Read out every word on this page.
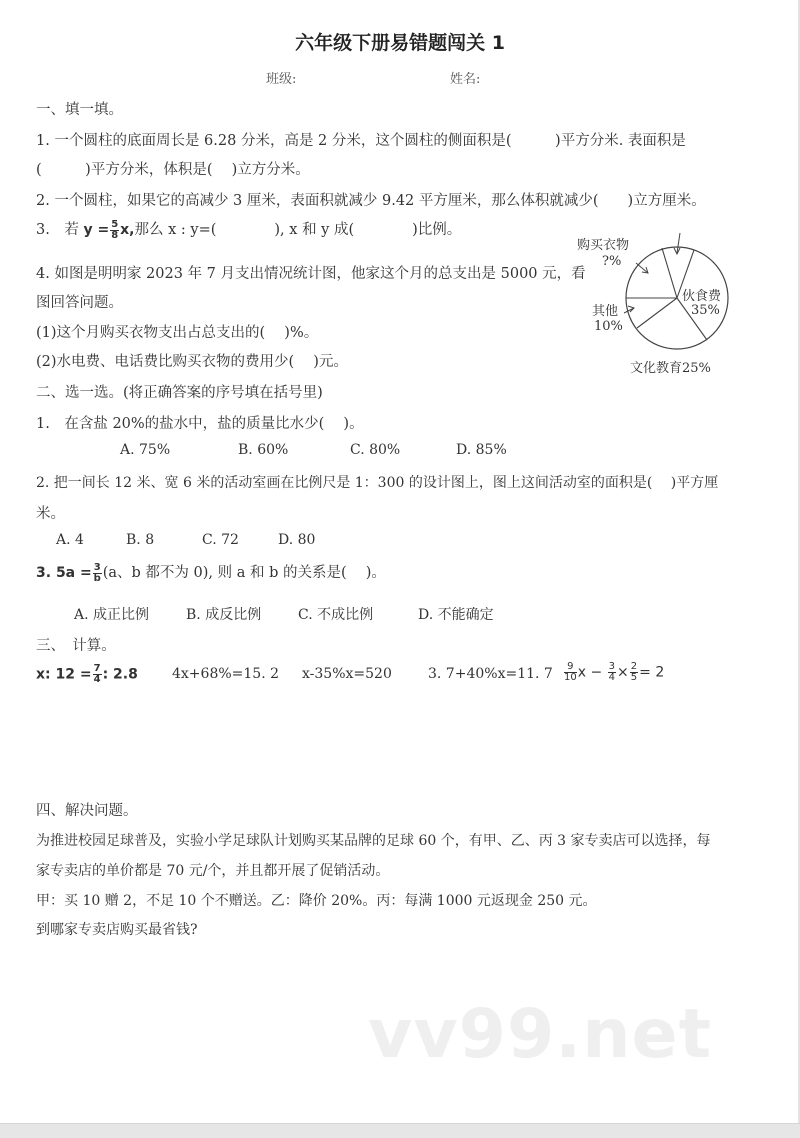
六年级下册易错题闯关 1
班级:	姓名:
一、填一填。
1. 一个圆柱的底面周长是 6.28 分米，高是 2 分米，这个圆柱的侧面积是(　　　)平方分米. 表面积是
(　　　)平方分米，体积是(　 )立方分米。
2. 一个圆柱，如果它的高减少 3 厘米，表面积就减少 9.42 平方厘米，那么体积就减少(　　)立方厘米。
3.　若 $y = \frac{5}{8} x$,那么 x : y=(　　　　), x 和 y 成(　　　　)比例。
4. 如图是明明家 2023 年 7 月支出情况统计图，他家这个月的总支出是 5000 元，看
图回答问题。
(1)这个月购买衣物支出占总支出的(　 )%。
(2)水电费、电话费比购买衣物的费用少(　 )元。
购买衣物
?%
伙食费
35%
其他
10%
文化教育25%
二、选一选。(将正确答案的序号填在括号里)
1.　在含盐 20%的盐水中，盐的质量比水少(　 )。
A. 75%	B. 60%	C. 80%	D. 85%
2. 把一间长 12 米、宽 6 米的活动室画在比例尺是 1：300 的设计图上，图上这间活动室的面积是(　 )平方厘
米。
A. 4	B. 8	C. 72	D. 80
3. $5a = \frac{3}{b} (a$、b 都不为 0), 则 a 和 b 的关系是(　 )。
A. 成正比例	B. 成反比例	C. 不成比例	D. 不能确定
三、　计算。
x: $12 = \frac{7}{4}$ : 2.8 4x+68%=15. 2 x-35%x=520	3. 7+40%x=11. $7 \frac{9}{10}$ $x - \frac{3}{4} \times \frac{2}{5} = 2$
四、解决问题。
为推进校园足球普及，实验小学足球队计划购买某品牌的足球 60 个，有甲、乙、丙 3 家专卖店可以选择，每
家专卖店的单价都是 70 元/个，并且都开展了促销活动。
甲：买 10 赠 2，不足 10 个不赠送。乙：降价 20%。丙：每满 1000 元返现金 250 元。
到哪家专卖店购买最省钱?
vv99.net
